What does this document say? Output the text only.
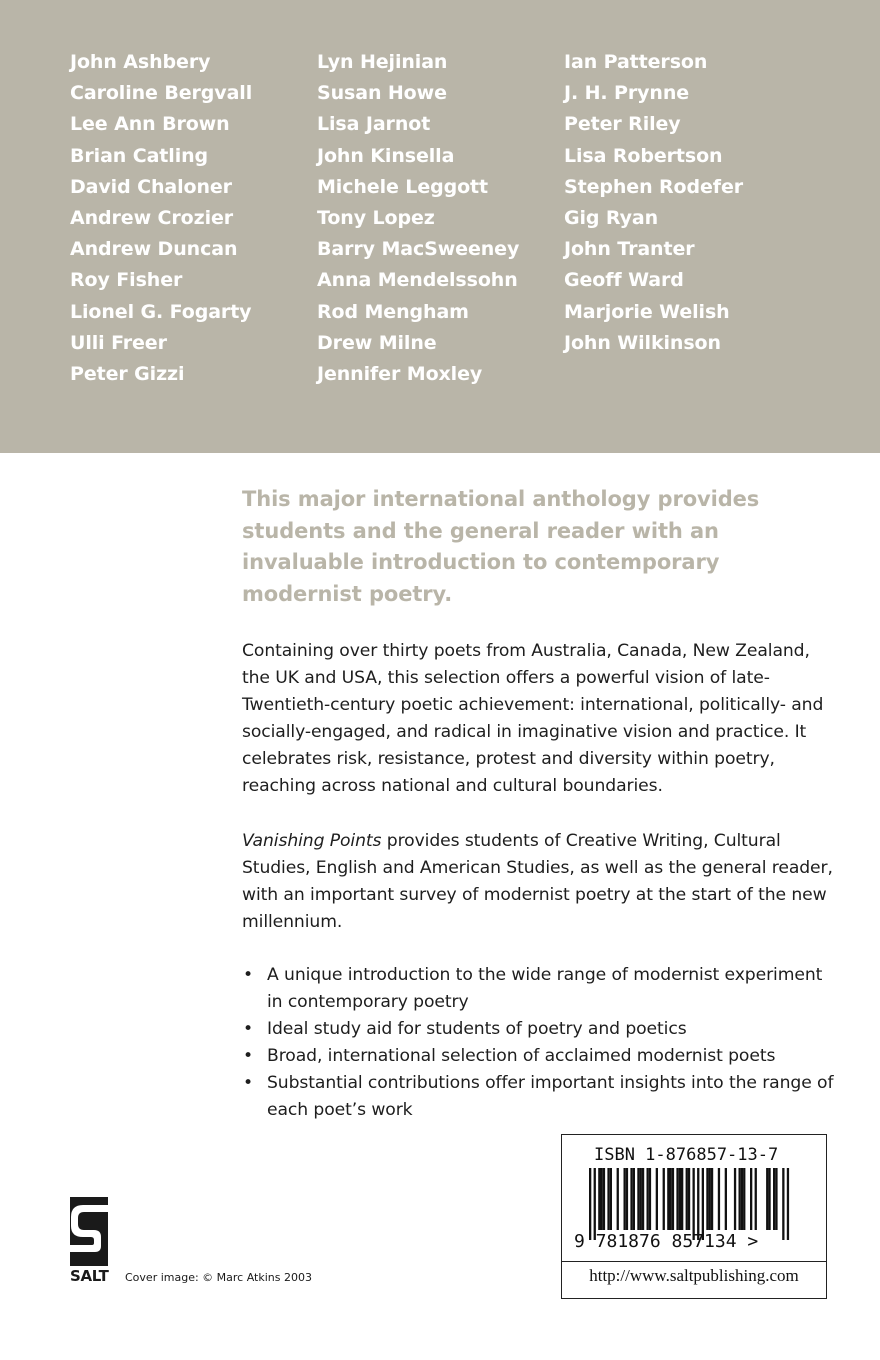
John Ashbery
Caroline Bergvall
Lee Ann Brown
Brian Catling
David Chaloner
Andrew Crozier
Andrew Duncan
Roy Fisher
Lionel G. Fogarty
Ulli Freer
Peter Gizzi
Lyn Hejinian
Susan Howe
Lisa Jarnot
John Kinsella
Michele Leggott
Tony Lopez
Barry MacSweeney
Anna Mendelssohn
Rod Mengham
Drew Milne
Jennifer Moxley
Ian Patterson
J. H. Prynne
Peter Riley
Lisa Robertson
Stephen Rodefer
Gig Ryan
John Tranter
Geoff Ward
Marjorie Welish
John Wilkinson

This major international anthology provides students and the general reader with an invaluable introduction to contemporary modernist poetry.

Containing over thirty poets from Australia, Canada, New Zealand, the UK and USA, this selection offers a powerful vision of late-Twentieth-century poetic achievement: international, politically- and socially-engaged, and radical in imaginative vision and practice. It celebrates risk, resistance, protest and diversity within poetry, reaching across national and cultural boundaries.

Vanishing Points provides students of Creative Writing, Cultural Studies, English and American Studies, as well as the general reader, with an important survey of modernist poetry at the start of the new millennium.

• A unique introduction to the wide range of modernist experiment in contemporary poetry
• Ideal study aid for students of poetry and poetics
• Broad, international selection of acclaimed modernist poets
• Substantial contributions offer important insights into the range of each poet’s work
SALT Cover image: © Marc Atkins 2003
ISBN 1-876857-13-7
9 781876 857134 >
http://www.saltpublishing.com
